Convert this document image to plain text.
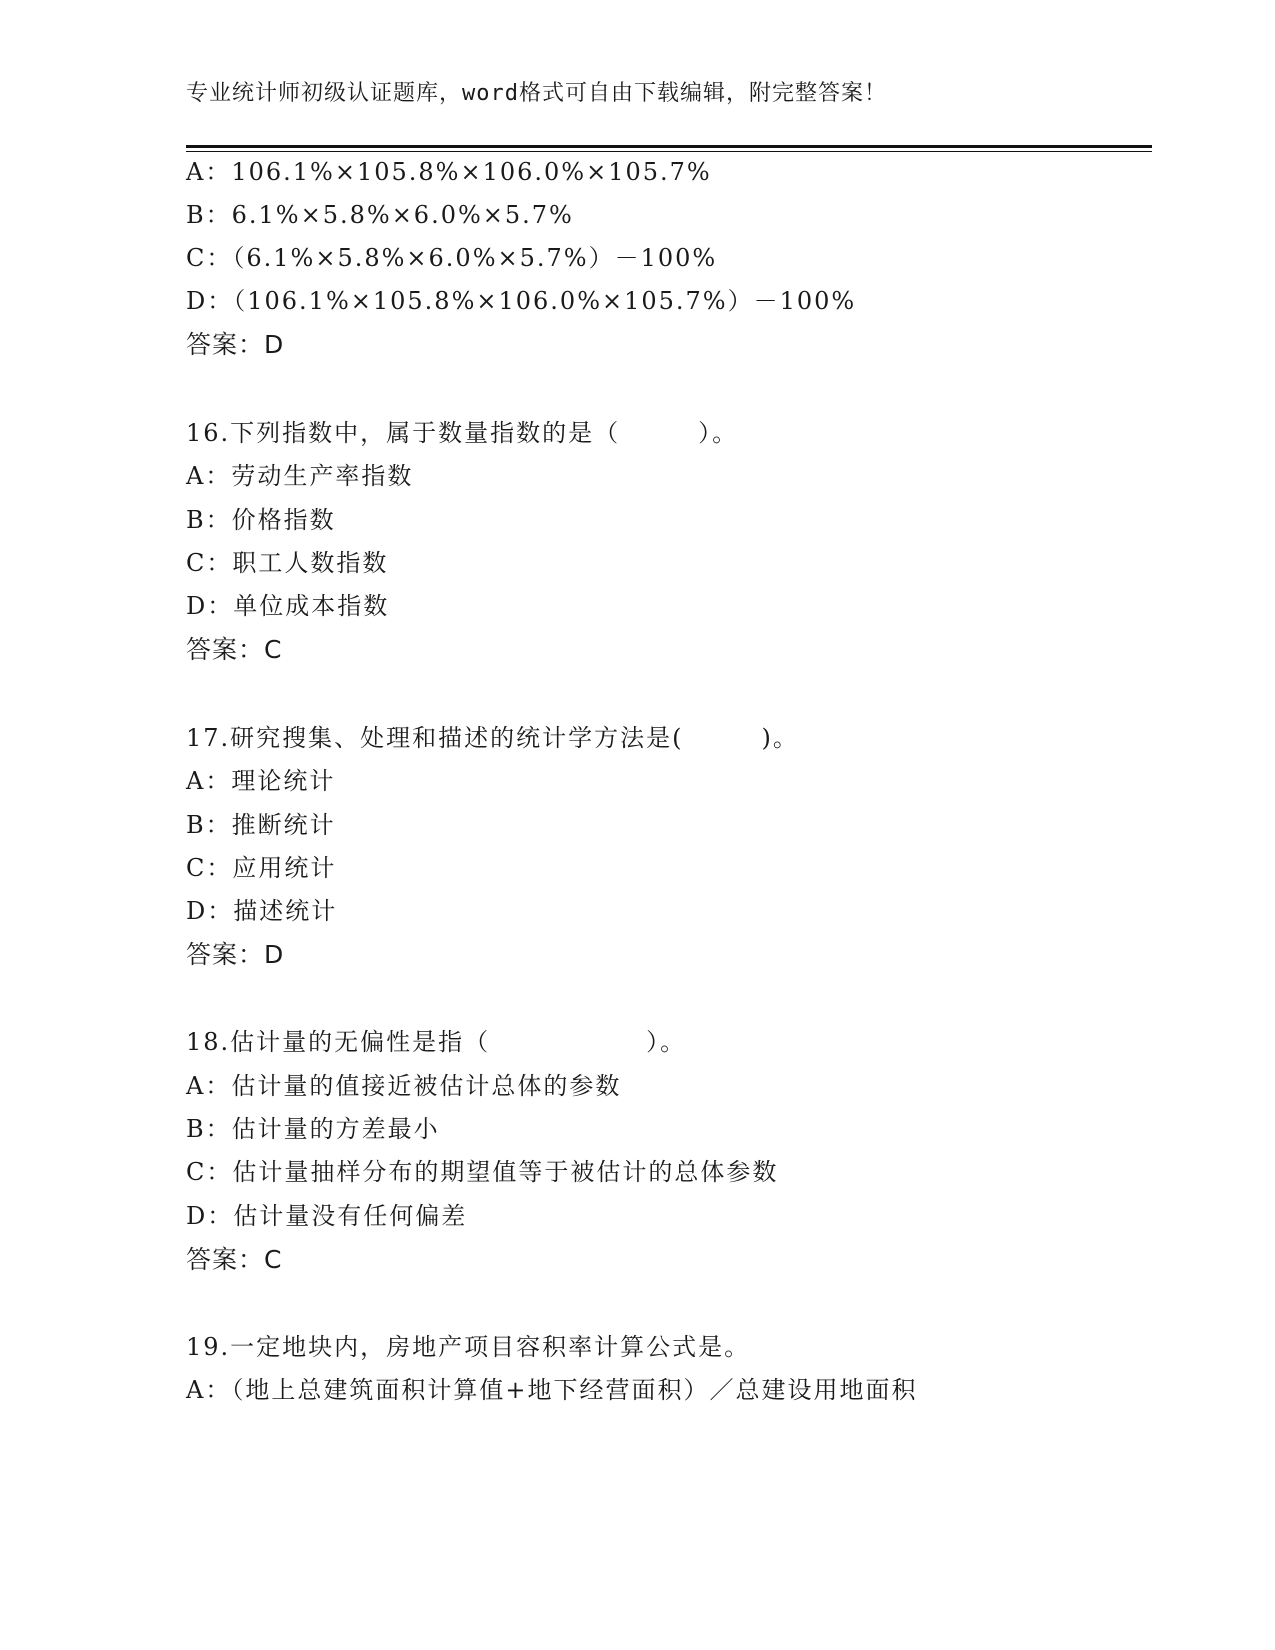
专业统计师初级认证题库，word格式可自由下载编辑，附完整答案！
A：106.1%×105.8%×106.0%×105.7%
B：6.1%×5.8%×6.0%×5.7%
C：（6.1%×5.8%×6.0%×5.7%）－100%
D：（106.1%×105.8%×106.0%×105.7%）－100%
答案：D
16.下列指数中，属于数量指数的是（　　　）。
A：劳动生产率指数
B：价格指数
C：职工人数指数
D：单位成本指数
答案：C
17.研究搜集、处理和描述的统计学方法是(　　　)。
A：理论统计
B：推断统计
C：应用统计
D：描述统计
答案：D
18.估计量的无偏性是指（　　　　　　）。
A：估计量的值接近被估计总体的参数
B：估计量的方差最小
C：估计量抽样分布的期望值等于被估计的总体参数
D：估计量没有任何偏差
答案：C
19.一定地块内，房地产项目容积率计算公式是。
A：（地上总建筑面积计算值+地下经营面积）／总建设用地面积
